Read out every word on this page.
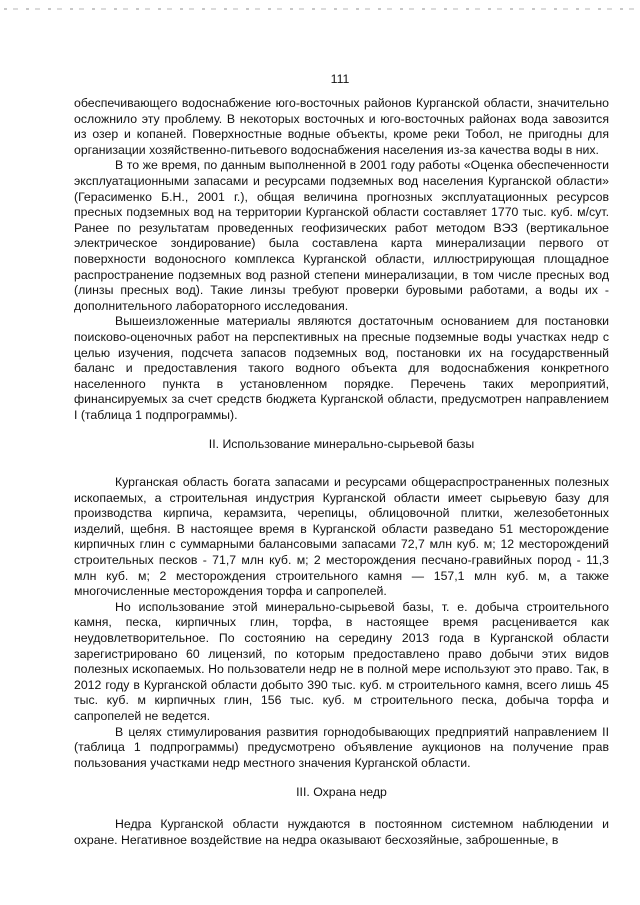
111

обеспечивающего водоснабжение юго-восточных районов Курганской области, значительно осложнило эту проблему. В некоторых восточных и юго-восточных районах вода завозится из озер и копаней. Поверхностные водные объекты, кроме реки Тобол, не пригодны для организации хозяйственно-питьевого водоснабжения населения из-за качества воды в них.

В то же время, по данным выполненной в 2001 году работы «Оценка обеспеченности эксплуатационными запасами и ресурсами подземных вод населения Курганской области» (Герасименко Б.Н., 2001 г.), общая величина прогнозных эксплуатационных ресурсов пресных подземных вод на территории Курганской области составляет 1770 тыс. куб. м/сут. Ранее по результатам проведенных геофизических работ методом ВЭЗ (вертикальное электрическое зондирование) была составлена карта минерализации первого от поверхности водоносного комплекса Курганской области, иллюстрирующая площадное распространение подземных вод разной степени минерализации, в том числе пресных вод (линзы пресных вод). Такие линзы требуют проверки буровыми работами, а воды их - дополнительного лабораторного исследования.

Вышеизложенные материалы являются достаточным основанием для постановки поисково-оценочных работ на перспективных на пресные подземные воды участках недр с целью изучения, подсчета запасов подземных вод, постановки их на государственный баланс и предоставления такого водного объекта для водоснабжения конкретного населенного пункта в установленном порядке. Перечень таких мероприятий, финансируемых за счет средств бюджета Курганской области, предусмотрен направлением I (таблица 1 подпрограммы).

II. Использование минерально-сырьевой базы

Курганская область богата запасами и ресурсами общераспространенных полезных ископаемых, а строительная индустрия Курганской области имеет сырьевую базу для производства кирпича, керамзита, черепицы, облицовочной плитки, железобетонных изделий, щебня. В настоящее время в Курганской области разведано 51 месторождение кирпичных глин с суммарными балансовыми запасами 72,7 млн куб. м; 12 месторождений строительных песков - 71,7 млн куб. м; 2 месторождения песчано-гравийных пород - 11,3 млн куб. м; 2 месторождения строительного камня — 157,1 млн куб. м, а также многочисленные месторождения торфа и сапропелей.

Но использование этой минерально-сырьевой базы, т. е. добыча строительного камня, песка, кирпичных глин, торфа, в настоящее время расценивается как неудовлетворительное. По состоянию на середину 2013 года в Курганской области зарегистрировано 60 лицензий, по которым предоставлено право добычи этих видов полезных ископаемых. Но пользователи недр не в полной мере используют это право. Так, в 2012 году в Курганской области добыто 390 тыс. куб. м строительного камня, всего лишь 45 тыс. куб. м кирпичных глин, 156 тыс. куб. м строительного песка, добыча торфа и сапропелей не ведется.

В целях стимулирования развития горнодобывающих предприятий направлением II (таблица 1 подпрограммы) предусмотрено объявление аукционов на получение прав пользования участками недр местного значения Курганской области.

III. Охрана недр

Недра Курганской области нуждаются в постоянном системном наблюдении и охране. Негативное воздействие на недра оказывают бесхозяйные, заброшенные, в
